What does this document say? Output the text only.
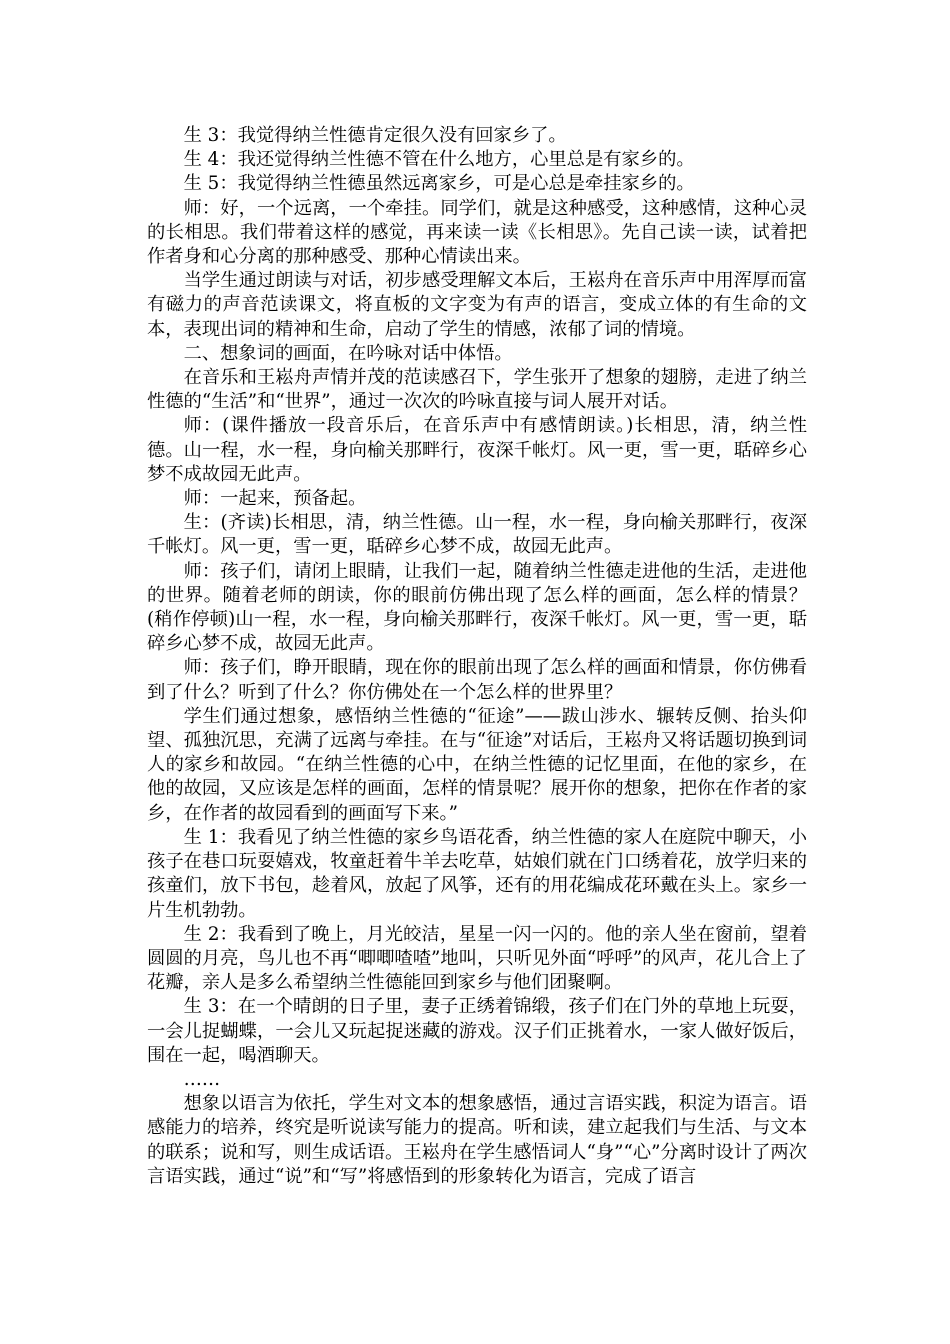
生 3：我觉得纳兰性德肯定很久没有回家乡了。

生 4：我还觉得纳兰性德不管在什么地方，心里总是有家乡的。

生 5：我觉得纳兰性德虽然远离家乡，可是心总是牵挂家乡的。

师：好，一个远离，一个牵挂。同学们，就是这种感受，这种感情，这种心灵的长相思。我们带着这样的感觉，再来读一读《长相思》。先自己读一读，试着把作者身和心分离的那种感受、那种心情读出来。

当学生通过朗读与对话，初步感受理解文本后，王崧舟在音乐声中用浑厚而富有磁力的声音范读课文，将直板的文字变为有声的语言，变成立体的有生命的文本，表现出词的精神和生命，启动了学生的情感，浓郁了词的情境。

二、想象词的画面，在吟咏对话中体悟。

在音乐和王崧舟声情并茂的范读感召下，学生张开了想象的翅膀，走进了纳兰性德的“生活”和“世界”，通过一次次的吟咏直接与词人展开对话。

师：(课件播放一段音乐后，在音乐声中有感情朗读。)长相思，清，纳兰性德。山一程，水一程，身向榆关那畔行，夜深千帐灯。风一更，雪一更，聒碎乡心梦不成故园无此声。

师：一起来，预备起。

生：(齐读)长相思，清，纳兰性德。山一程，水一程，身向榆关那畔行，夜深千帐灯。风一更，雪一更，聒碎乡心梦不成，故园无此声。

师：孩子们，请闭上眼睛，让我们一起，随着纳兰性德走进他的生活，走进他的世界。随着老师的朗读，你的眼前仿佛出现了怎么样的画面，怎么样的情景？(稍作停顿)山一程，水一程，身向榆关那畔行，夜深千帐灯。风一更，雪一更，聒碎乡心梦不成，故园无此声。

师：孩子们，睁开眼睛，现在你的眼前出现了怎么样的画面和情景，你仿佛看到了什么？听到了什么？你仿佛处在一个怎么样的世界里？

学生们通过想象，感悟纳兰性德的“征途”——跋山涉水、辗转反侧、抬头仰望、孤独沉思，充满了远离与牵挂。在与“征途”对话后，王崧舟又将话题切换到词人的家乡和故园。“在纳兰性德的心中，在纳兰性德的记忆里面，在他的家乡，在他的故园，又应该是怎样的画面，怎样的情景呢？展开你的想象，把你在作者的家乡，在作者的故园看到的画面写下来。”

生 1：我看见了纳兰性德的家乡鸟语花香，纳兰性德的家人在庭院中聊天，小孩子在巷口玩耍嬉戏，牧童赶着牛羊去吃草，姑娘们就在门口绣着花，放学归来的孩童们，放下书包，趁着风，放起了风筝，还有的用花编成花环戴在头上。家乡一片生机勃勃。

生 2：我看到了晚上，月光皎洁，星星一闪一闪的。他的亲人坐在窗前，望着圆圆的月亮，鸟儿也不再“唧唧喳喳”地叫，只听见外面“呼呼”的风声，花儿合上了花瓣，亲人是多么希望纳兰性德能回到家乡与他们团聚啊。

生 3：在一个晴朗的日子里，妻子正绣着锦缎，孩子们在门外的草地上玩耍，一会儿捉蝴蝶，一会儿又玩起捉迷藏的游戏。汉子们正挑着水，一家人做好饭后，围在一起，喝酒聊天。

……

想象以语言为依托，学生对文本的想象感悟，通过言语实践，积淀为语言。语感能力的培养，终究是听说读写能力的提高。听和读，建立起我们与生活、与文本的联系；说和写，则生成话语。王崧舟在学生感悟词人“身”“心”分离时设计了两次言语实践，通过“说”和“写”将感悟到的形象转化为语言，完成了语言
